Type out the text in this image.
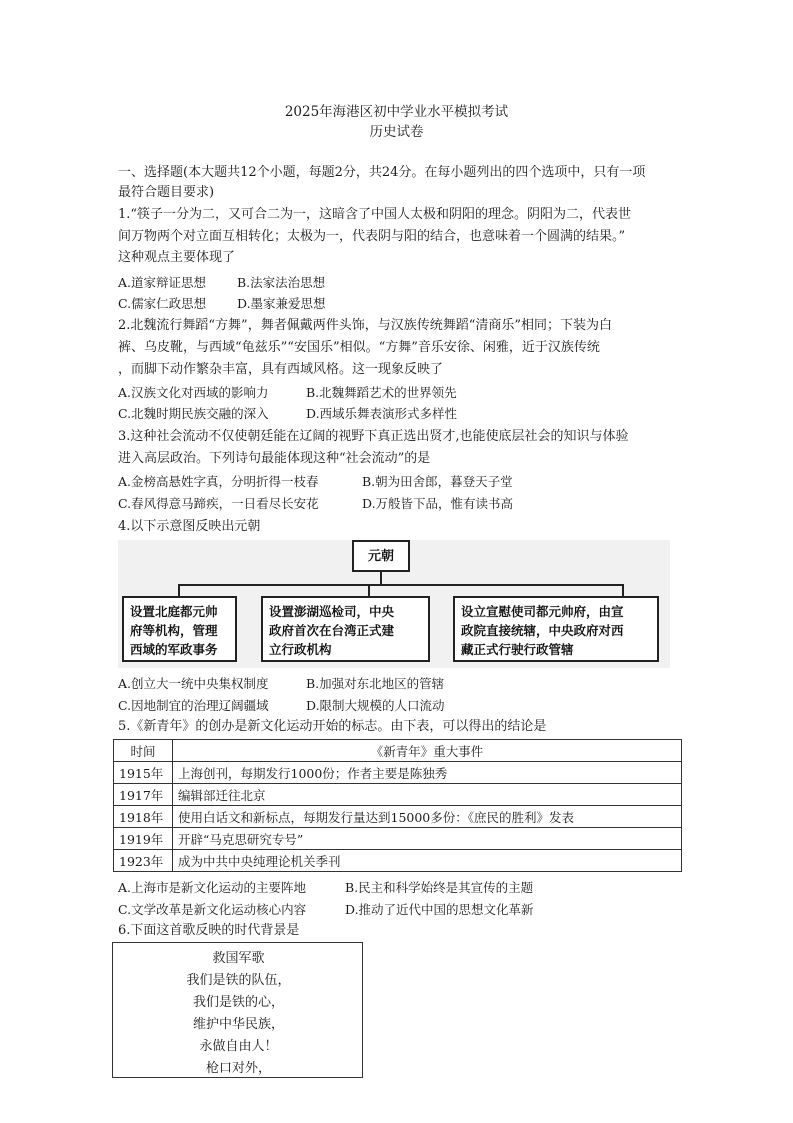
2025年海港区初中学业水平模拟考试
历史试卷
一、选择题(本大题共12个小题，每题2分，共24分。在每小题列出的四个选项中，只有一项
最符合题目要求)
1.“筷子一分为二，又可合二为一，这暗含了中国人太极和阴阳的理念。阴阳为二，代表世
间万物两个对立面互相转化；太极为一，代表阴与阳的结合，也意味着一个圆满的结果。”
这种观点主要体现了
A.道家辩证思想 B.法家法治思想
C.儒家仁政思想 D.墨家兼爱思想
2.北魏流行舞蹈“方舞”，舞者佩戴两件头饰，与汉族传统舞蹈“清商乐”相同；下装为白
裤、乌皮靴，与西域“龟兹乐”“安国乐”相似。“方舞”音乐安徐、闲雅，近于汉族传统
，而脚下动作繁杂丰富，具有西域风格。这一现象反映了
A.汉族文化对西域的影响力	B.北魏舞蹈艺术的世界领先
C.北魏时期民族交融的深入	D.西域乐舞表演形式多样性
3.这种社会流动不仅使朝廷能在辽阔的视野下真正选出贤才,也能使底层社会的知识与体验
进入高层政治。下列诗句最能体现这种“社会流动”的是
A.金榜高悬姓字真，分明折得一枝春	B.朝为田舍郎，暮登天子堂
C.春风得意马蹄疾，一日看尽长安花	D.万般皆下品，惟有读书高
4.以下示意图反映出元朝
元朝
设置北庭都元帅
府等机构，管理
西域的军政事务
设置澎湖巡检司，中央
政府首次在台湾正式建
立行政机构
设立宣慰使司都元帅府，由宣
政院直接统辖，中央政府对西
藏正式行驶行政管辖
A.创立大一统中央集权制度	B.加强对东北地区的管辖
C.因地制宜的治理辽阔疆域	D.限制大规模的人口流动
5.《新青年》的创办是新文化运动开始的标志。由下表，可以得出的结论是
时间	《新青年》重大事件
1915年	上海创刊，每期发行1000份；作者主要是陈独秀
1917年	编辑部迁往北京
1918年	使用白话文和新标点，每期发行量达到15000多份：《庶民的胜利》发表
1919年	开辟“马克思研究专号”
1923年	成为中共中央纯理论机关季刊
A.上海市是新文化运动的主要阵地	B.民主和科学始终是其宣传的主题
C.文学改革是新文化运动核心内容	D.推动了近代中国的思想文化革新
6.下面这首歌反映的时代背景是
救国军歌
我们是铁的队伍，
我们是铁的心，
维护中华民族，
永做自由人！
枪口对外，
